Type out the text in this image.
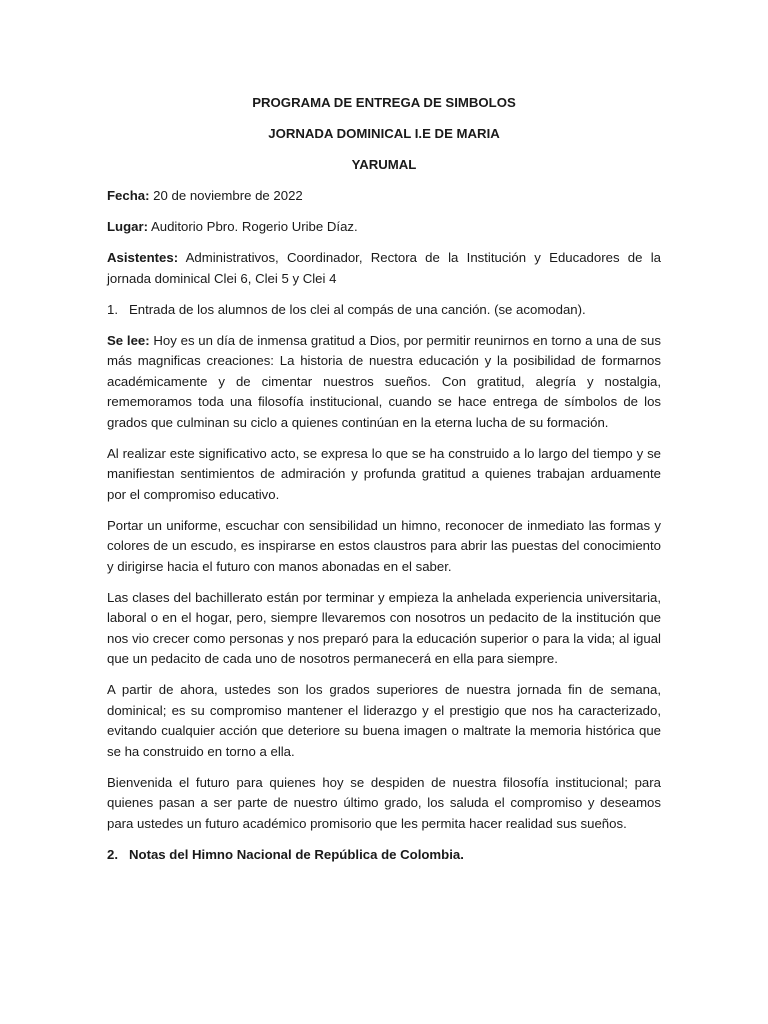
PROGRAMA DE ENTREGA DE SIMBOLOS
JORNADA DOMINICAL I.E DE MARIA
YARUMAL

Fecha: 20 de noviembre de 2022

Lugar: Auditorio Pbro. Rogerio Uribe Díaz.

Asistentes: Administrativos, Coordinador, Rectora de la Institución y Educadores de la jornada dominical Clei 6, Clei 5 y Clei 4

1. Entrada de los alumnos de los clei al compás de una canción. (se acomodan).

Se lee: Hoy es un día de inmensa gratitud a Dios, por permitir reunirnos en torno a una de sus más magnificas creaciones: La historia de nuestra educación y la posibilidad de formarnos académicamente y de cimentar nuestros sueños. Con gratitud, alegría y nostalgia, rememoramos toda una filosofía institucional, cuando se hace entrega de símbolos de los grados que culminan su ciclo a quienes continúan en la eterna lucha de su formación.

Al realizar este significativo acto, se expresa lo que se ha construido a lo largo del tiempo y se manifiestan sentimientos de admiración y profunda gratitud a quienes trabajan arduamente por el compromiso educativo.

Portar un uniforme, escuchar con sensibilidad un himno, reconocer de inmediato las formas y colores de un escudo, es inspirarse en estos claustros para abrir las puestas del conocimiento y dirigirse hacia el futuro con manos abonadas en el saber.

Las clases del bachillerato están por terminar y empieza la anhelada experiencia universitaria, laboral o en el hogar, pero, siempre llevaremos con nosotros un pedacito de la institución que nos vio crecer como personas y nos preparó para la educación superior o para la vida; al igual que un pedacito de cada uno de nosotros permanecerá en ella para siempre.

A partir de ahora, ustedes son los grados superiores de nuestra jornada fin de semana, dominical; es su compromiso mantener el liderazgo y el prestigio que nos ha caracterizado, evitando cualquier acción que deteriore su buena imagen o maltrate la memoria histórica que se ha construido en torno a ella.

Bienvenida el futuro para quienes hoy se despiden de nuestra filosofía institucional; para quienes pasan a ser parte de nuestro último grado, los saluda el compromiso y deseamos para ustedes un futuro académico promisorio que les permita hacer realidad sus sueños.

2. Notas del Himno Nacional de República de Colombia.
